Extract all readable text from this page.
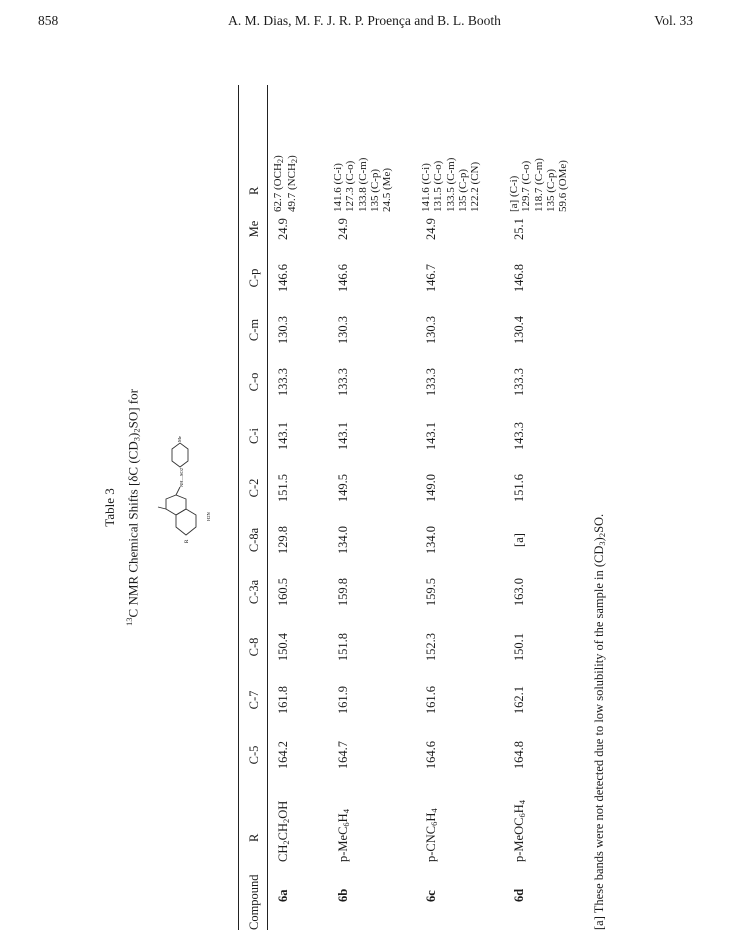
858	A. M. Dias, M. F. J. R. P. Proença and B. L. Booth	Vol. 33
Table 3
$^{13}$C NMR Chemical Shifts [δC $(CD_3)_2SO$] for
R
NH—SO2
H2N
Me
Compound
R
C-5
C-7
C-8
C-3a
C-8a
C-2
C-i
C-o
C-m
C-p
Me
R
6a
$CH_2CH_2OH$
164.2
161.8
150.4
160.5
129.8
151.5
143.1
133.3
130.3
146.6
24.9
62.7 $(OCH_2)$
49.7 $(NCH_2)$
6b
$p-MeC_6H_4$
164.7
161.9
151.8
159.8
134.0
149.5
143.1
133.3
130.3
146.6
24.9
141.6 (C-i)
127.3 (C-o)
133.8 (C-m)
135 (C-p)
24.5 (Me)
6c
$p-CNC_6H_4$
164.6
161.6
152.3
159.5
134.0
149.0
143.1
133.3
130.3
146.7
24.9
141.6 (C-i)
131.5 (C-o)
133.5 (C-m)
135 (C-p)
122.2 (CN)
6d
$p-MeOC_6H_4$
164.8
162.1
150.1
163.0
[a]
151.6
143.3
133.3
130.4
146.8
25.1
[a] (C-i)
129.7 (C-o)
118.7 (C-m)
135 (C-p)
59.6 (OMe)
[a] These bands were not detected due to low solubility of the sample in $(CD_3)_2SO$.
